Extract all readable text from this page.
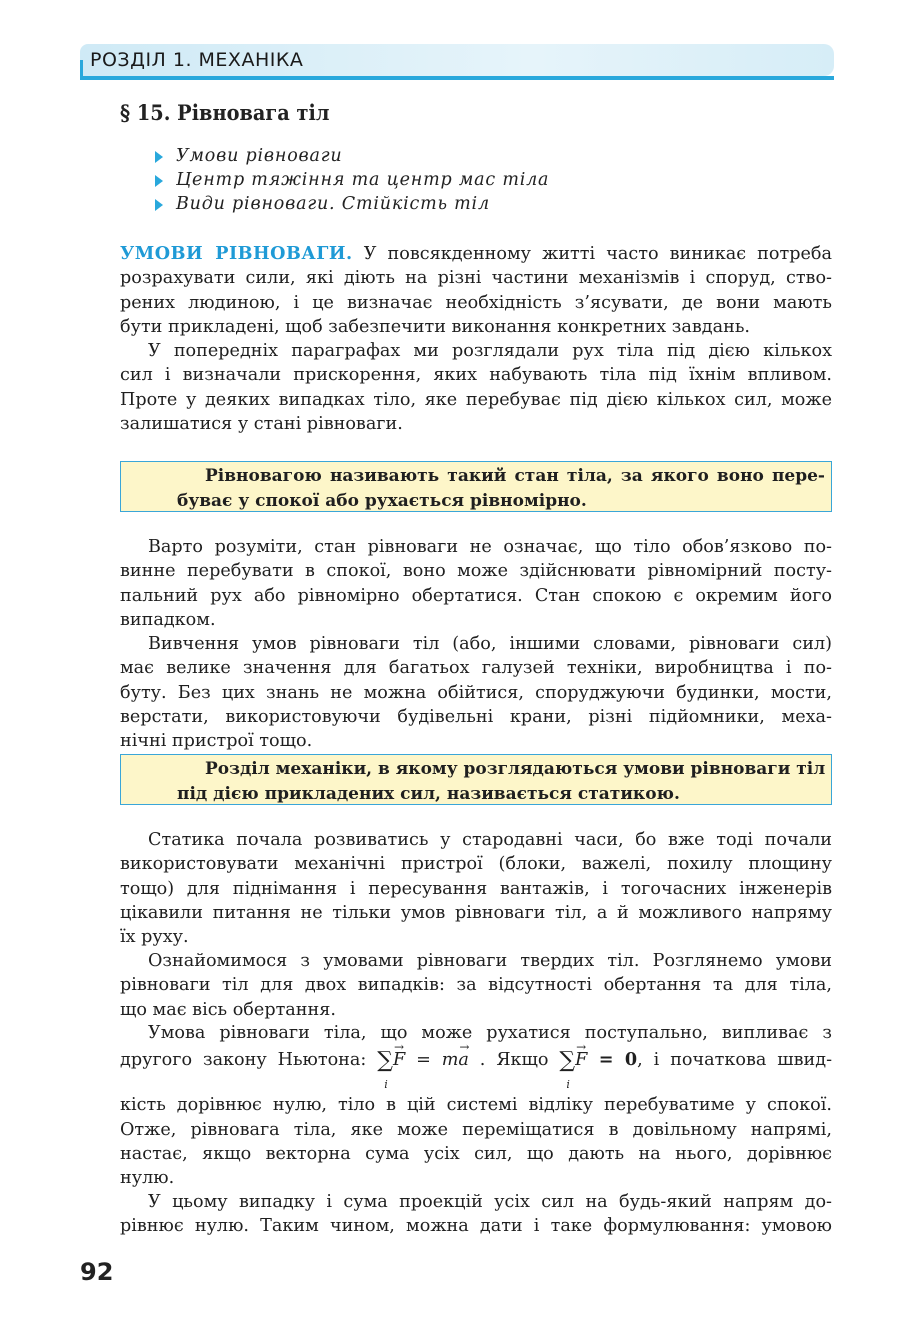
РОЗДІЛ 1. МЕХАНІКА
§ 15. Рівновага тіл
Умови рівноваги
Центр тяжіння та центр мас тіла
Види рівноваги. Стійкість тіл
УМОВИ РІВНОВАГИ. У повсякденному житті часто виникає потреба
розрахувати сили, які діють на різні частини механізмів і споруд, ство-
рених людиною, і це визначає необхідність з’ясувати, де вони мають
бути прикладені, щоб забезпечити виконання конкретних завдань.
У попередніх параграфах ми розглядали рух тіла під дією кількох
сил і визначали прискорення, яких набувають тіла під їхнім впливом.
Проте у деяких випадках тіло, яке перебуває під дією кількох сил, може
залишатися у стані рівноваги.
Рівновагою називають такий стан тіла, за якого воно пере-
буває у спокої або рухається рівномірно.
Варто розуміти, стан рівноваги не означає, що тіло обов’язково по-
винне перебувати в спокої, воно може здійснювати рівномірний посту-
пальний рух або рівномірно обертатися. Стан спокою є окремим його
випадком.
Вивчення умов рівноваги тіл (або, іншими словами, рівноваги сил)
має велике значення для багатьох галузей техніки, виробництва і по-
буту. Без цих знань не можна обійтися, споруджуючи будинки, мости,
верстати, використовуючи будівельні крани, різні підйомники, меха-
нічні пристрої тощо.
Розділ механіки, в якому розглядаються умови рівноваги тіл
під дією прикладених сил, називається статикою.
Статика почала розвиватись у стародавні часи, бо вже тоді почали
використовувати механічні пристрої (блоки, важелі, похилу площину
тощо) для піднімання і пересування вантажів, і тогочасних інженерів
цікавили питання не тільки умов рівноваги тіл, а й можливого напряму
їх руху.
Ознайомимося з умовами рівноваги твердих тіл. Розглянемо умови
рівноваги тіл для двох випадків: за відсутності обертання та для тіла,
що має вісь обертання.
Умова рівноваги тіла, що може рухатися поступально, випливає з
другого закону Ньютона: ∑
i
→ F = m→ a . Якщо ∑
i
→ F = 0, і початкова швид-
кість дорівнює нулю, тіло в цій системі відліку перебуватиме у спокої.
Отже, рівновага тіла, яке може переміщатися в довільному напрямі,
настає, якщо векторна сума усіх сил, що дають на нього, дорівнює
нулю.
У цьому випадку і сума проекцій усіх сил на будь-який напрям до-
рівнює нулю. Таким чином, можна дати і таке формулювання: умовою
92
